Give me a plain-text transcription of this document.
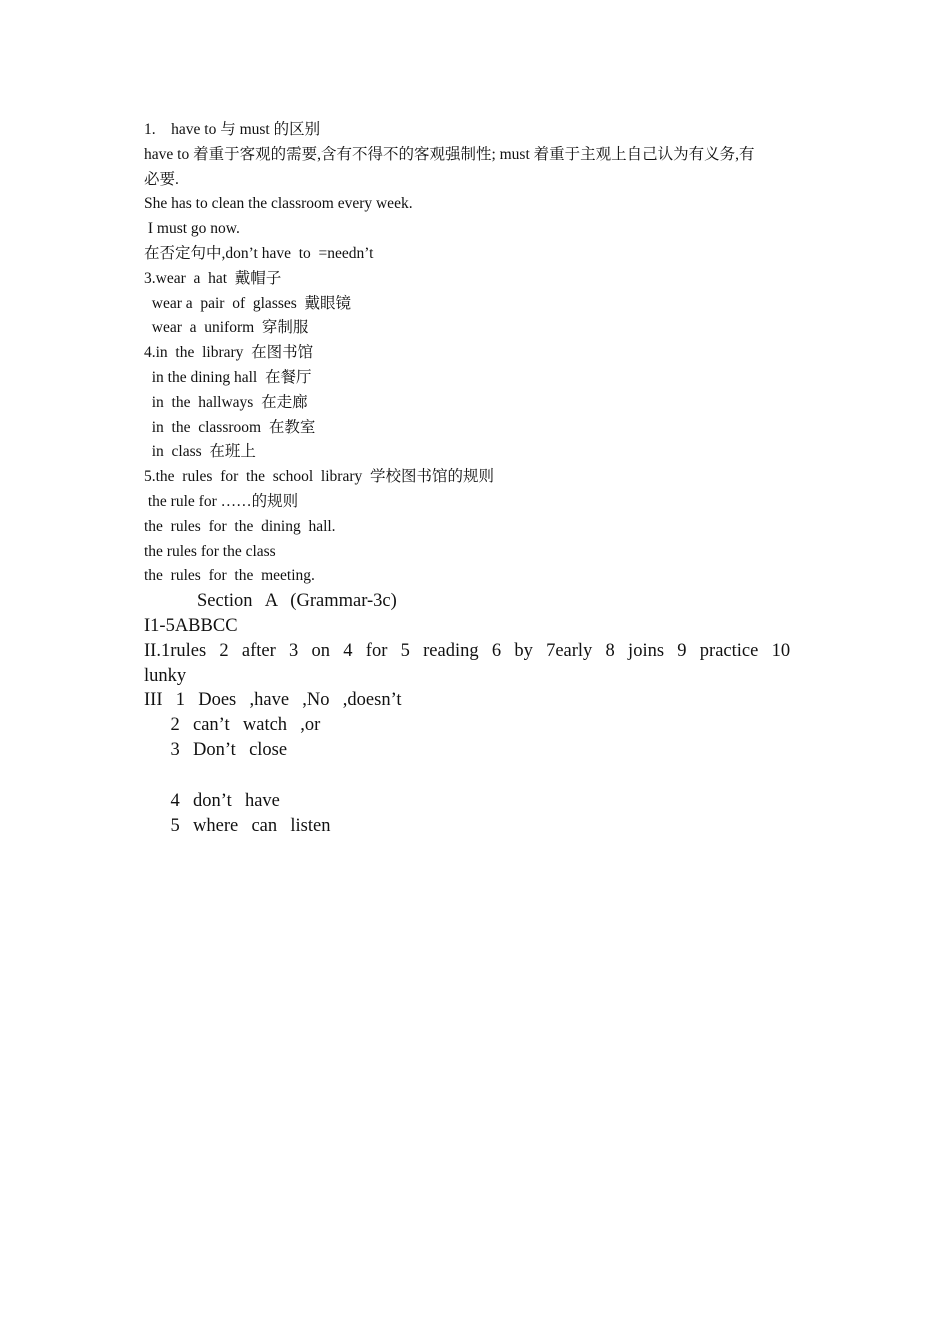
1.    have to 与 must 的区别
have to 着重于客观的需要,含有不得不的客观强制性; must 着重于主观上自己认为有义务,有
必要.
She has to clean the classroom every week.
I must go now.
在否定句中,don’t have  to  =needn’t
3.wear  a  hat  戴帽子
wear a  pair  of  glasses  戴眼镜
wear  a  uniform  穿制服
4.in  the  library  在图书馆
in the dining hall  在餐厅
in  the  hallways  在走廊
in  the  classroom  在教室
in  class  在班上
5.the  rules  for  the  school  library  学校图书馆的规则
the rule for ……的规则
the  rules  for  the  dining  hall.
the rules for the class
the  rules  for  the  meeting.
Section  A  (Grammar-3c)
I1-5ABBCC
II.1rules  2  after  3  on  4  for  5  reading  6  by  7early  8  joins  9  practice  10  lunky
III  1  Does  ,have  ,No  ,doesn’t
2  can’t  watch  ,or
3  Don’t  close
4  don’t  have
5  where  can  listen
